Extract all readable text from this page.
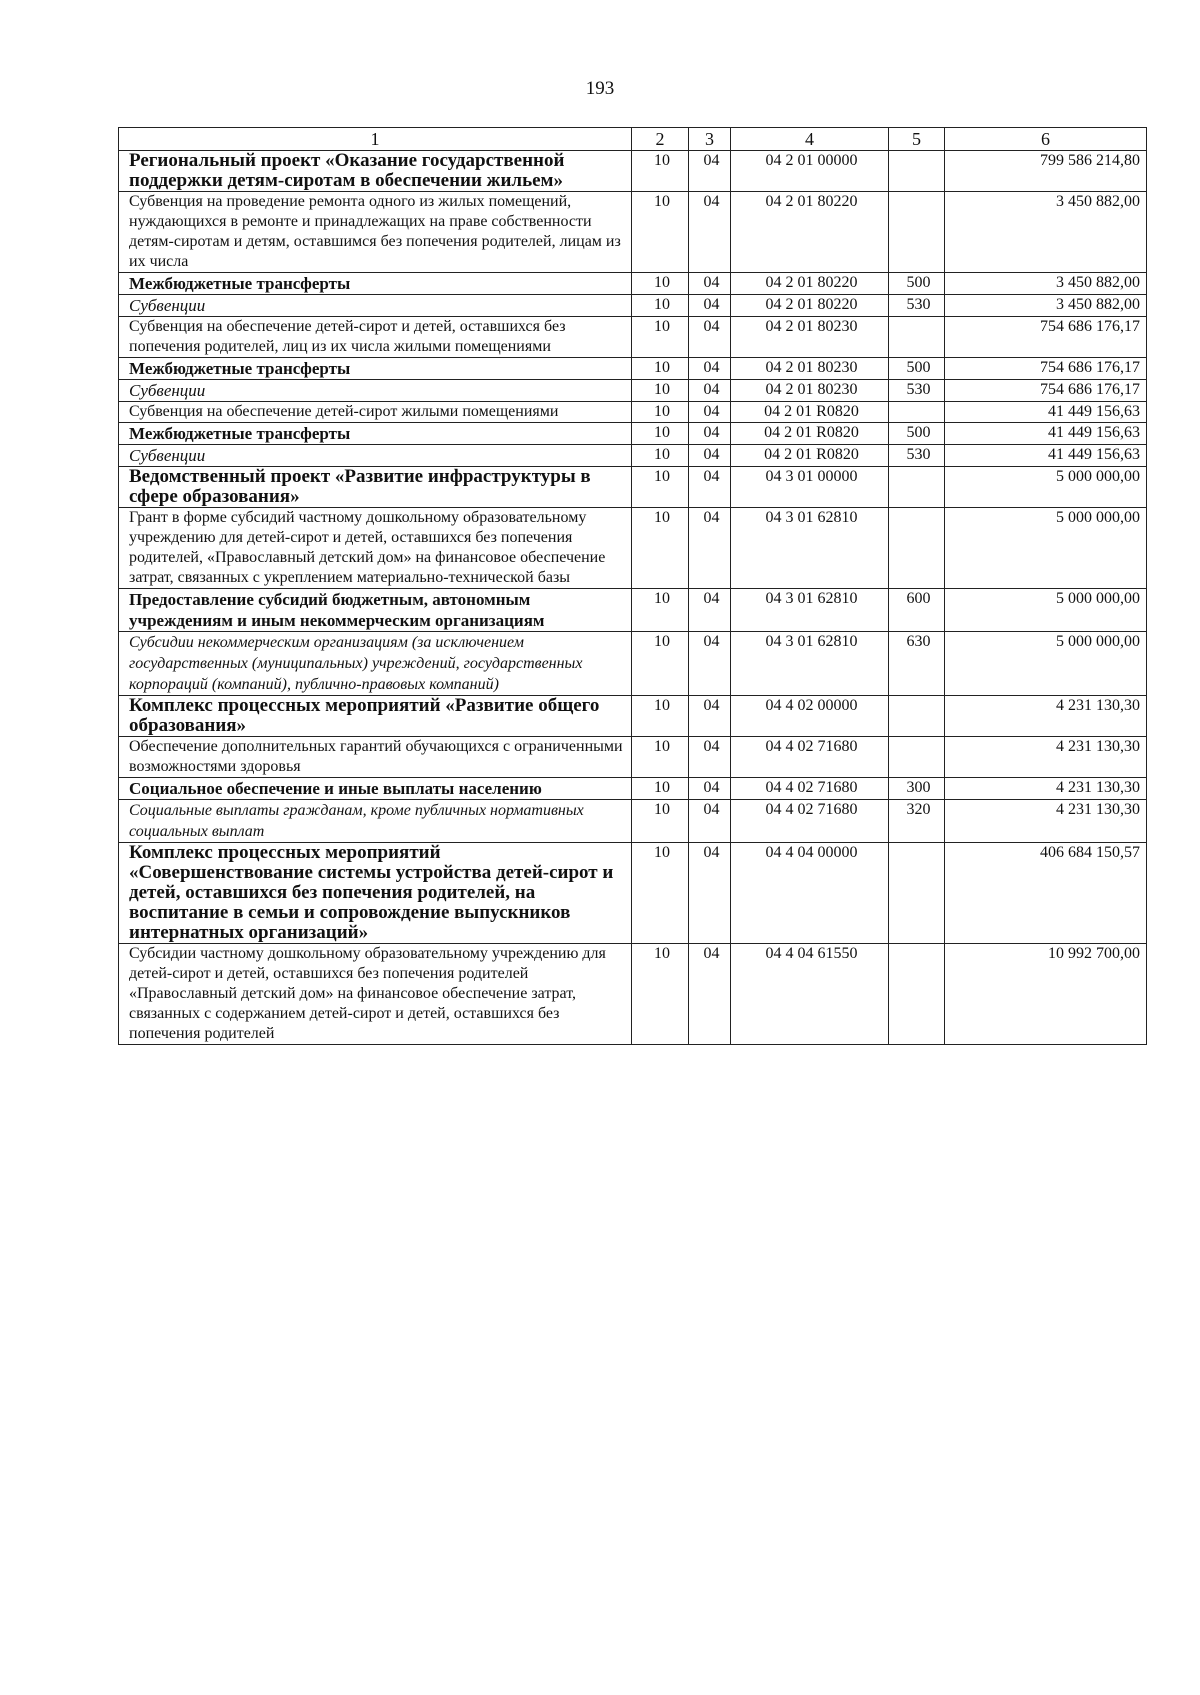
193
1	2	3	4	5	6
Региональный проект «Оказание государственной поддержки детям-сиротам в обеспечении жильем»	10	04	04 2 01 00000		799 586 214,80
Субвенция на проведение ремонта одного из жилых помещений, нуждающихся в ремонте и принадлежащих на праве собственности детям-сиротам и детям, оставшимся без попечения родителей, лицам из их числа	10	04	04 2 01 80220		3 450 882,00
Межбюджетные трансферты	10	04	04 2 01 80220	500	3 450 882,00
Субвенции	10	04	04 2 01 80220	530	3 450 882,00
Субвенция на обеспечение детей-сирот и детей, оставшихся без попечения родителей, лиц из их числа жилыми помещениями	10	04	04 2 01 80230		754 686 176,17
Межбюджетные трансферты	10	04	04 2 01 80230	500	754 686 176,17
Субвенции	10	04	04 2 01 80230	530	754 686 176,17
Субвенция на обеспечение детей-сирот жилыми помещениями	10	04	04 2 01 R0820		41 449 156,63
Межбюджетные трансферты	10	04	04 2 01 R0820	500	41 449 156,63
Субвенции	10	04	04 2 01 R0820	530	41 449 156,63
Ведомственный проект «Развитие инфраструктуры в сфере образования»	10	04	04 3 01 00000		5 000 000,00
Грант в форме субсидий частному дошкольному образовательному учреждению для детей-сирот и детей, оставшихся без попечения родителей, «Православный детский дом» на финансовое обеспечение затрат, связанных с укреплением материально-технической базы	10	04	04 3 01 62810		5 000 000,00
Предоставление субсидий бюджетным, автономным учреждениям и иным некоммерческим организациям	10	04	04 3 01 62810	600	5 000 000,00
Субсидии некоммерческим организациям (за исключением государственных (муниципальных) учреждений, государственных корпораций (компаний), публично-правовых компаний)	10	04	04 3 01 62810	630	5 000 000,00
Комплекс процессных мероприятий «Развитие общего образования»	10	04	04 4 02 00000		4 231 130,30
Обеспечение дополнительных гарантий обучающихся с ограниченными возможностями здоровья	10	04	04 4 02 71680		4 231 130,30
Социальное обеспечение и иные выплаты населению	10	04	04 4 02 71680	300	4 231 130,30
Социальные выплаты гражданам, кроме публичных нормативных социальных выплат	10	04	04 4 02 71680	320	4 231 130,30
Комплекс процессных мероприятий «Совершенствование системы устройства детей-сирот и детей, оставшихся без попечения родителей, на воспитание в семьи и сопровождение выпускников интернатных организаций»	10	04	04 4 04 00000		406 684 150,57
Субсидии частному дошкольному образовательному учреждению для детей-сирот и детей, оставшихся без попечения родителей «Православный детский дом» на финансовое обеспечение затрат, связанных с содержанием детей-сирот и детей, оставшихся без попечения родителей	10	04	04 4 04 61550		10 992 700,00
